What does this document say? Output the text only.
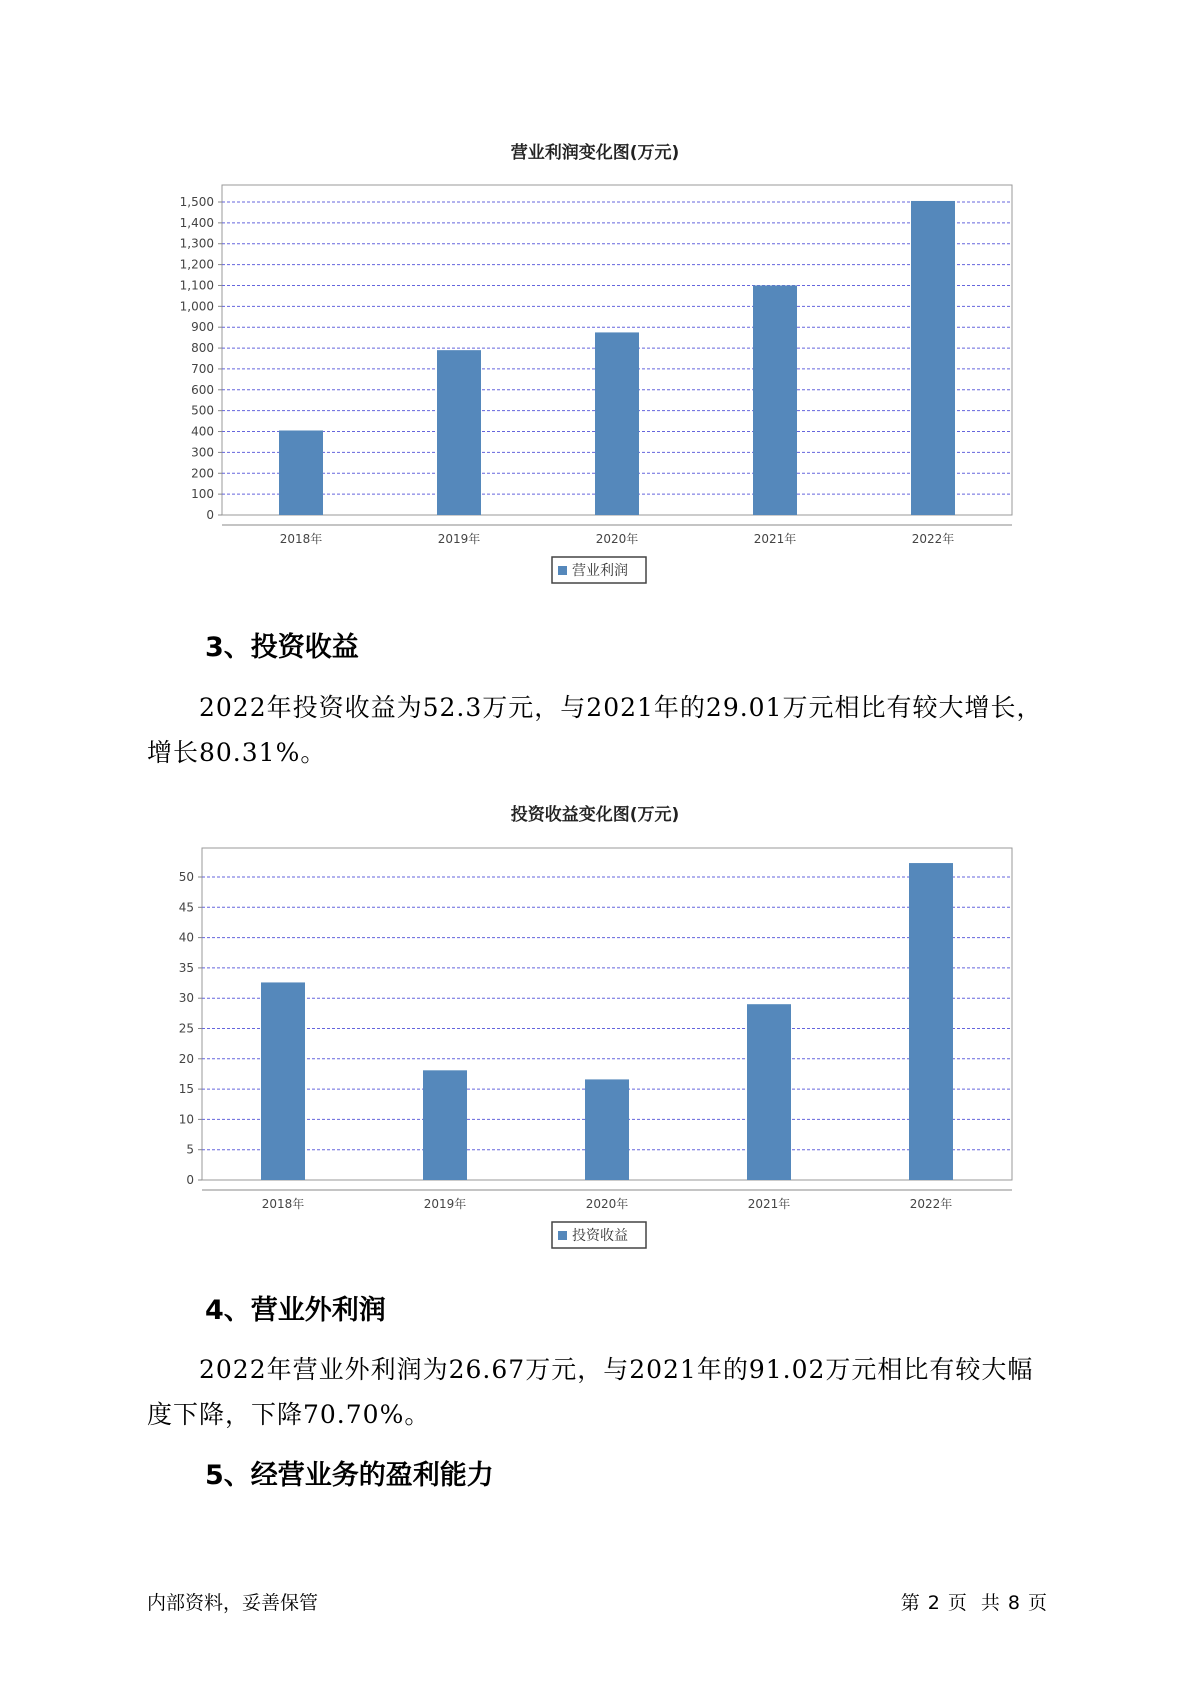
营业利润变化图(万元)
0
100
200
300
400
500
600
700
800
900
1,000
1,100
1,200
1,300
1,400
1,500
2018年	2019年	2020年	2021年	2022年
营业利润
3、投资收益

2022年投资收益为52.3万元，与2021年的29.01万元相比有较大增长，增长80.31%。

投资收益变化图(万元)
0
5
10
15
20
25
30
35
40
45
50
2018年	2019年	2020年	2021年	2022年
投资收益
4、营业外利润

2022年营业外利润为26.67万元，与2021年的91.02万元相比有较大幅度下降，下降70.70%。

5、经营业务的盈利能力
内部资料，妥善保管	第 2 页 共 8 页
